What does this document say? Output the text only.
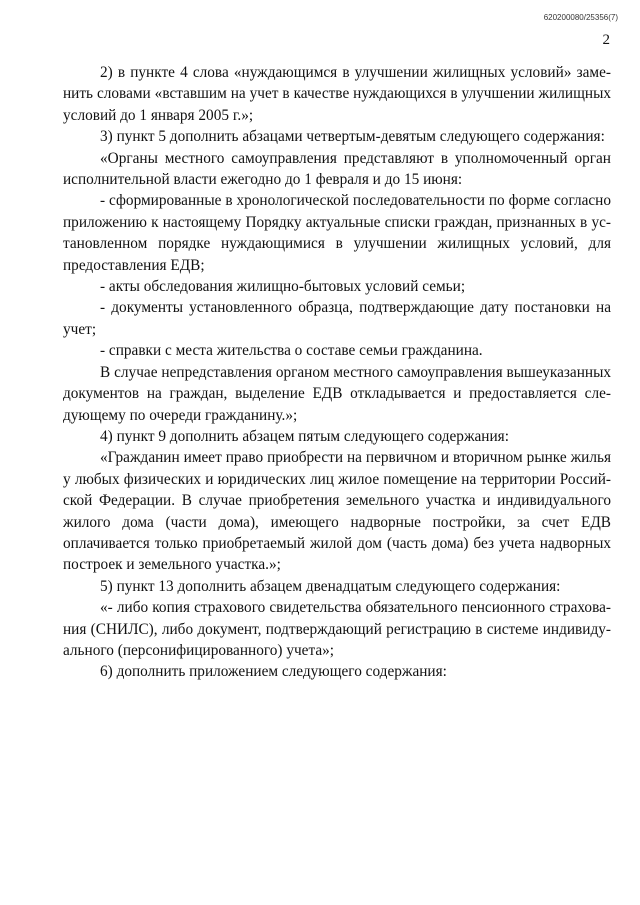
620200080/25356(7)
2

2) в пункте 4 слова «нуждающимся в улучшении жилищных условий» заменить словами «вставшим на учет в качестве нуждающихся в улучшении жилищных условий до 1 января 2005 г.»;

3) пункт 5 дополнить абзацами четвертым-девятым следующего содержания:

«Органы местного самоуправления представляют в уполномоченный орган исполнительной власти ежегодно до 1 февраля и до 15 июня:

- сформированные в хронологической последовательности по форме согласно приложению к настоящему Порядку актуальные списки граждан, признанных в установленном порядке нуждающимися в улучшении жилищных условий, для предоставления ЕДВ;

- акты обследования жилищно-бытовых условий семьи;

- документы установленного образца, подтверждающие дату постановки на учет;

- справки с места жительства о составе семьи гражданина.

В случае непредставления органом местного самоуправления вышеуказанных документов на граждан, выделение ЕДВ откладывается и предоставляется следующему по очереди гражданину.»;

4) пункт 9 дополнить абзацем пятым следующего содержания:

«Гражданин имеет право приобрести на первичном и вторичном рынке жилья у любых физических и юридических лиц жилое помещение на территории Российской Федерации. В случае приобретения земельного участка и индивидуального жилого дома (части дома), имеющего надворные постройки, за счет ЕДВ оплачивается только приобретаемый жилой дом (часть дома) без учета надворных построек и земельного участка.»;

5) пункт 13 дополнить абзацем двенадцатым следующего содержания:

«- либо копия страхового свидетельства обязательного пенсионного страхования (СНИЛС), либо документ, подтверждающий регистрацию в системе индивидуального (персонифицированного) учета»;

6) дополнить приложением следующего содержания:
